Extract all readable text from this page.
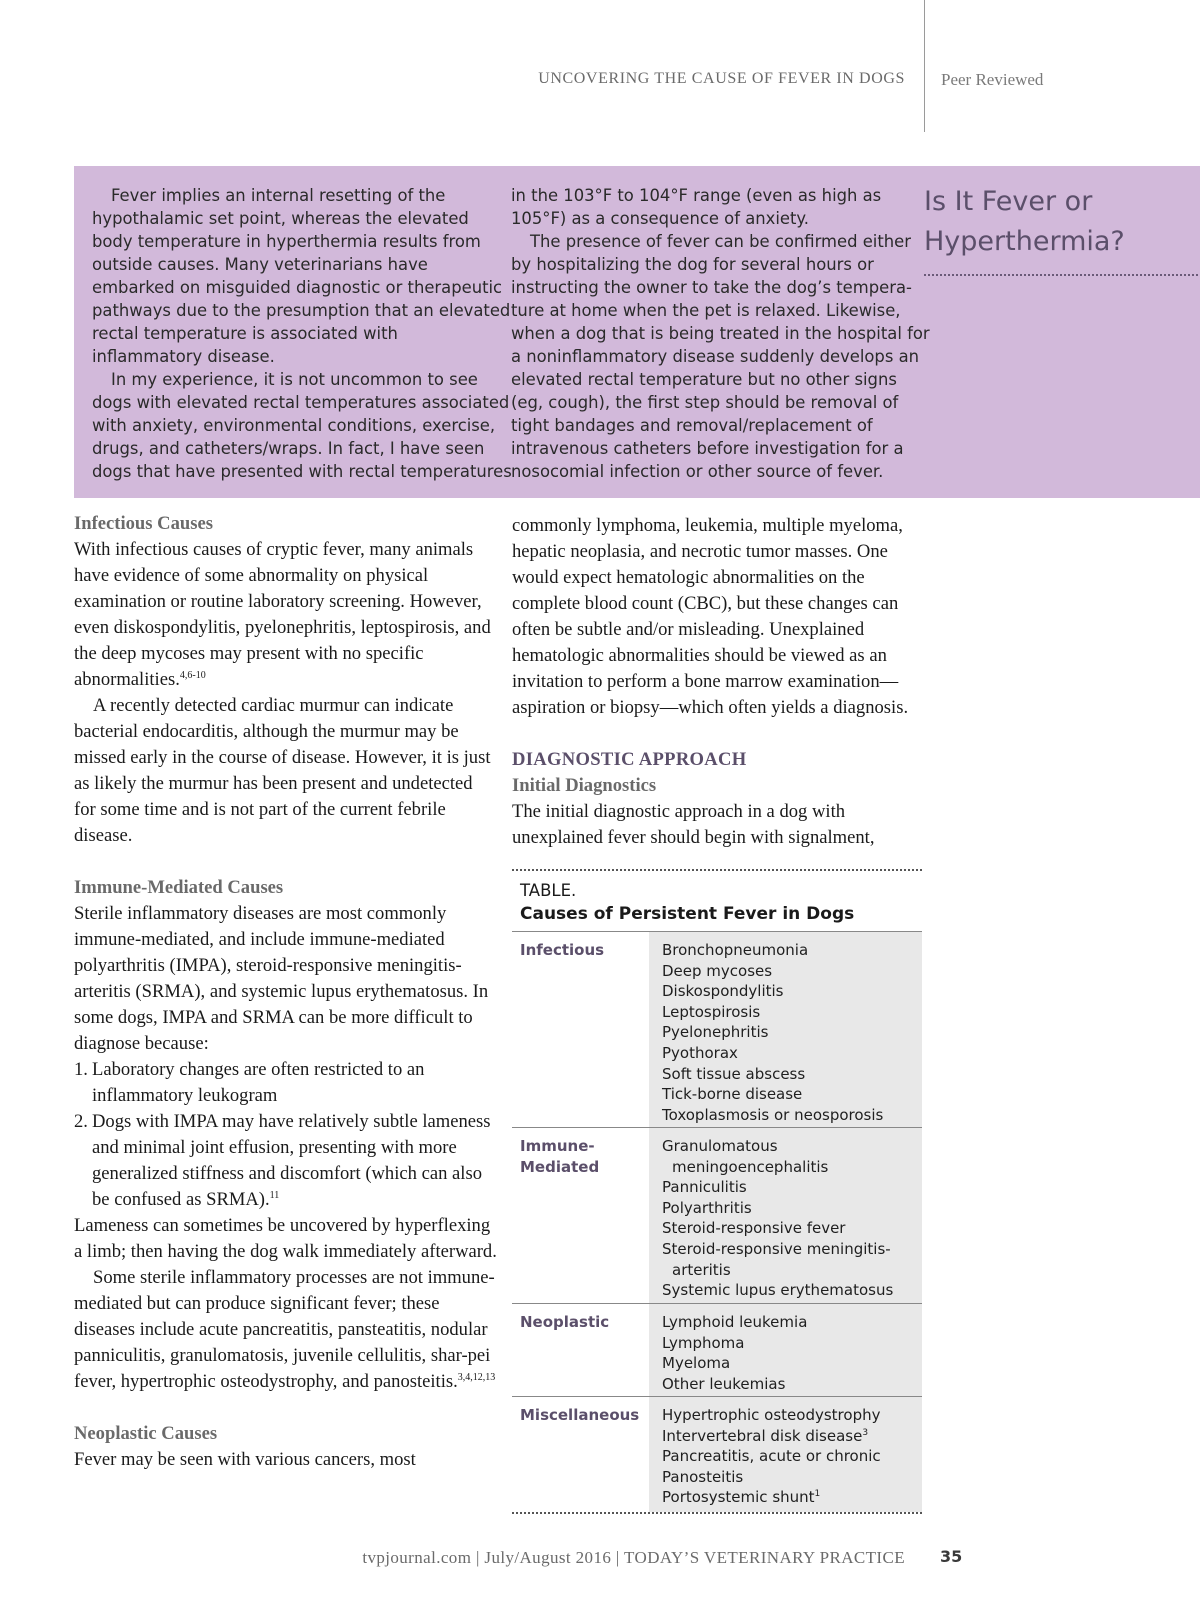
UNCOVERING THE CAUSE OF FEVER IN DOGS Peer Reviewed

Fever implies an internal resetting of the hypothalamic set point, whereas the elevated body temperature in hyperthermia results from outside causes. Many veterinarians have embarked on misguided diagnostic or therapeutic pathways due to the presumption that an elevated rectal temperature is associated with inflammatory disease.

In my experience, it is not uncommon to see dogs with elevated rectal temperatures associated with anxiety, environmental conditions, exercise, drugs, and catheters/wraps. In fact, I have seen dogs that have presented with rectal temperatures

in the 103°F to 104°F range (even as high as 105°F) as a consequence of anxiety.

The presence of fever can be confirmed either by hospitalizing the dog for several hours or instructing the owner to take the dog’s temperature at home when the pet is relaxed. Likewise, when a dog that is being treated in the hospital for a noninflammatory disease suddenly develops an elevated rectal temperature but no other signs (eg, cough), the first step should be removal of tight bandages and removal/replacement of intravenous catheters before investigation for a nosocomial infection or other source of fever.

Is It Fever or
Hyperthermia?
Infectious Causes

With infectious causes of cryptic fever, many animals have evidence of some abnormality on physical examination or routine laboratory screening. However, even diskospondylitis, pyelonephritis, leptospirosis, and the deep mycoses may present with no specific abnormalities.$^{4,6-10}$

A recently detected cardiac murmur can indicate bacterial endocarditis, although the murmur may be missed early in the course of disease. However, it is just as likely the murmur has been present and undetected for some time and is not part of the current febrile disease.

Immune-Mediated Causes

Sterile inflammatory diseases are most commonly immune-mediated, and include immune-mediated polyarthritis (IMPA), steroid-responsive meningitis-arteritis (SRMA), and systemic lupus erythematosus. In some dogs, IMPA and SRMA can be more difficult to diagnose because:

1. Laboratory changes are often restricted to an inflammatory leukogram
2. Dogs with IMPA may have relatively subtle lameness and minimal joint effusion, presenting with more generalized stiffness and discomfort (which can also be confused as SRMA).$^{11}$

Lameness can sometimes be uncovered by hyperflexing a limb; then having the dog walk immediately afterward.

Some sterile inflammatory processes are not immune-mediated but can produce significant fever; these diseases include acute pancreatitis, pansteatitis, nodular panniculitis, granulomatosis, juvenile cellulitis, shar-pei fever, hypertrophic osteodystrophy, and panosteitis.$^{3,4,12,13}$

Neoplastic Causes

Fever may be seen with various cancers, most

commonly lymphoma, leukemia, multiple myeloma, hepatic neoplasia, and necrotic tumor masses. One would expect hematologic abnormalities on the complete blood count (CBC), but these changes can often be subtle and/or misleading. Unexplained hematologic abnormalities should be viewed as an invitation to perform a bone marrow examination—aspiration or biopsy—which often yields a diagnosis.

DIAGNOSTIC APPROACH
Initial Diagnostics

The initial diagnostic approach in a dog with unexplained fever should begin with signalment,

TABLE.
Causes of Persistent Fever in Dogs
Infectious	Bronchopneumonia
Deep mycoses
Diskospondylitis
Leptospirosis
Pyelonephritis
Pyothorax
Soft tissue abscess
Tick-borne disease
Toxoplasmosis or neosporosis
Immune-
Mediated
Granulomatous
meningoencephalitis
Panniculitis
Polyarthritis
Steroid-responsive fever
Steroid-responsive meningitis-
arteritis
Systemic lupus erythematosus
Neoplastic	Lymphoid leukemia
Lymphoma
Myeloma
Other leukemias
Miscellaneous Hypertrophic osteodystrophy
Intervertebral disk disease$^3$
Pancreatitis, acute or chronic
Panosteitis
Portosystemic shunt$^1$
tvpjournal.com | July/August 2016 | TODAY’S VETERINARY PRACTICE 35
